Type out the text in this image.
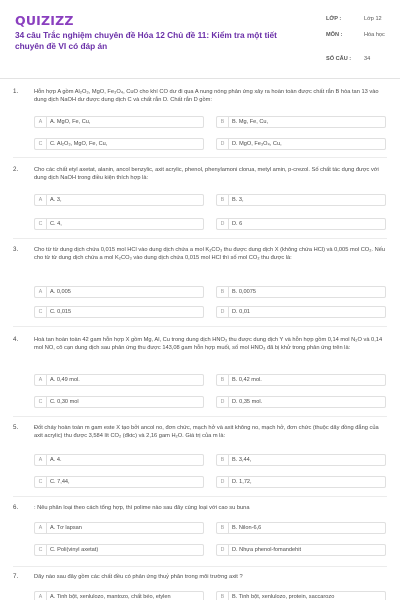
QUIZIZZ
34 câu Trắc nghiệm chuyên đề Hóa 12 Chủ đề 11: Kiểm tra một tiết chuyên đề VI có đáp án
LỚP :	Lớp 12
MÔN :	Hóa học
SỐ CÂU : 34
1.	Hỗn hợp A gồm Al₂O₃, MgO, Fe₃O₄, CuO cho khí CO dư đi qua A nung nóng phản ứng xảy ra hoàn toàn được chất rắn B hòa tan 13 vào dung dịch NaOH dư được dung dịch C và chất rắn D. Chất rắn D gồm:
A	A. MgO, Fe, Cu,	B	B. Mg, Fe, Cu,
C	C. Al₂O₃, MgO, Fe, Cu,	D	D. MgO, Fe₃O₄, Cu,
2.	Cho các chất etyl axetat, alanin, ancol benzylic, axit acrylic, phenol, phenylamoni clorua, metyl amin, p-crezol. Số chất tác dụng được với dung dịch NaOH trong điều kiện thích hợp là:
A	A. 3,	B	B. 3,
C	C. 4,	D	D. 6
3.	Cho từ từ dung dịch chứa 0,015 mol HCl vào dung dịch chứa a mol K₂CO₃ thu được dung dịch X (không chứa HCl) và 0,005 mol CO₂. Nếu cho từ từ dung dịch chứa a mol K₂CO₃ vào dung dịch chứa 0,015 mol HCl thì số mol CO₂ thu được là:
A	A. 0,005	B	B. 0,0075
C	C. 0,015	D	D. 0,01
4.	Hoà tan hoàn toàn 42 gam hỗn hợp X gồm Mg, Al, Cu trong dung dịch HNO₃ thu được dung dịch Y và hỗn hợp gồm 0,14 mol N₂O và 0,14 mol NO, cô cạn dung dịch sau phản ứng thu được 143,08 gam hỗn hợp muối, số mol HNO₃ đã bị khử trong phản ứng trên là:
A	A. 0,49 mol.	B	B. 0,42 mol.
C	C. 0,30 mol	D	D. 0,35 mol.
5.	Đốt cháy hoàn toàn m gam este X tạo bởi ancol no, đơn chức, mạch hở và axit không no, mạch hở, đơn chức (thuộc dãy đồng đẳng của axit acrylic) thu được 3,584 lít CO₂ (đktc) và 2,16 gam H₂O. Giá trị của m là:
A	A. 4.	B	B. 3,44,
C	C. 7,44,	D	D. 1,72,
6.	: Nêu phân loại theo cách tổng hợp, thì polime nào sau đây cùng loại với cao su buna
A	A. Tơ lapsan	B	B. Nilon-6,6
C	C. Poli(vinyl axetat)	D	D. Nhựa phenol-fomandehit
7.	Dãy nào sau đây gồm các chất đều có phản ứng thuỷ phân trong môi trường axit ?
A	A. Tinh bột, xenlulozo, mantozo, chất béo, etylen	B	B. Tinh bột, xenlulozo, protein, saccarozo
